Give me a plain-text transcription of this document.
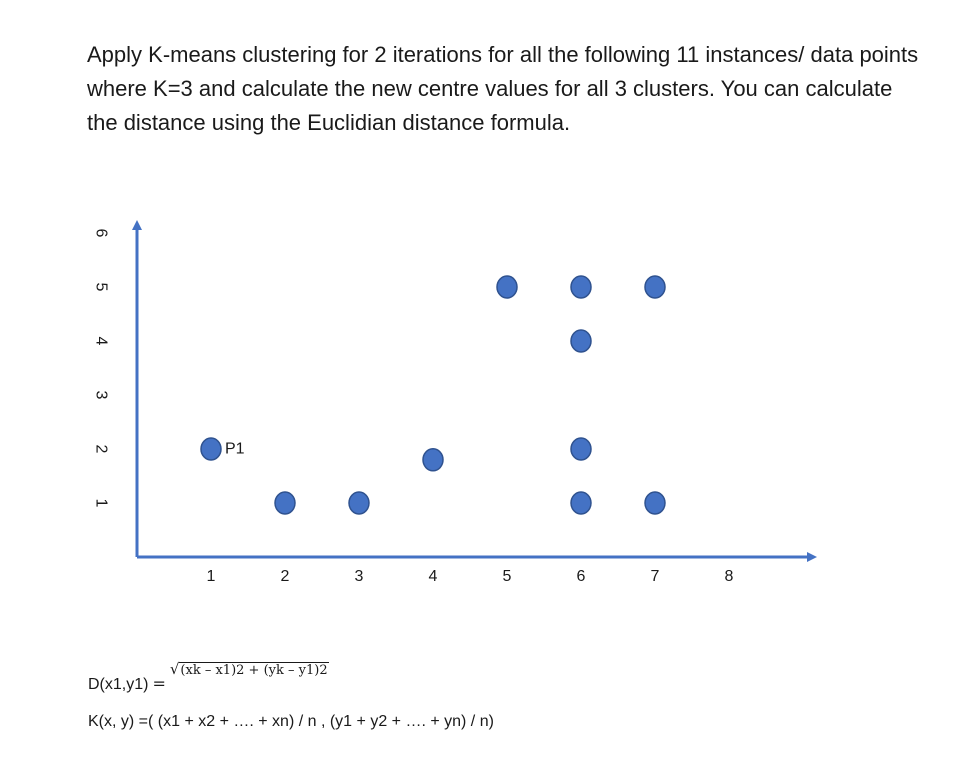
Apply K-means clustering for 2 iterations for all the following 11 instances/ data points where K=3 and calculate the new centre values for all 3 clusters. You can calculate the distance using the Euclidian distance formula.

1	2	3	4	5	6	7	8
1
2
3
4
5
6
P1
D(x1,y1) =√(xk – x1)2 + (yk – y1)2
K(x, y) =( (x1 + x2 + …. + xn) / n , (y1 + y2 + …. + yn) / n)
